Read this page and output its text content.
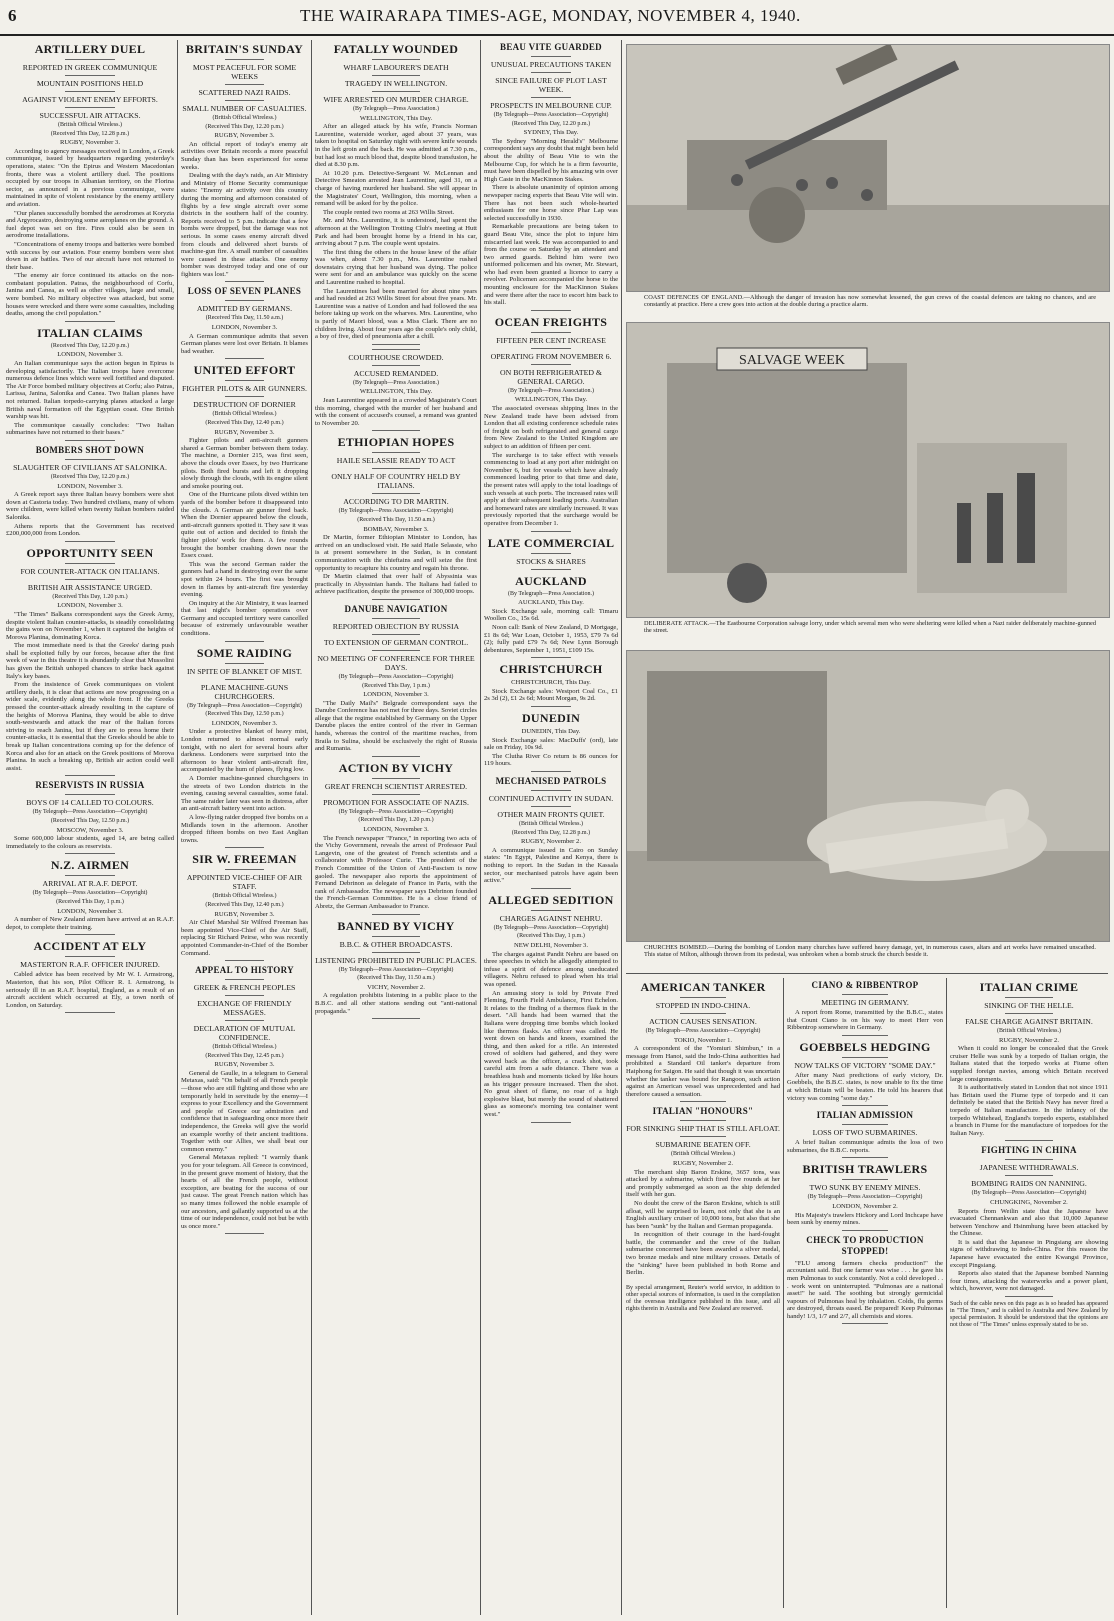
6	THE WAIRARAPA TIMES-AGE, MONDAY, NOVEMBER 4, 1940.
ARTILLERY DUEL
REPORTED IN GREEK COMMUNIQUE
MOUNTAIN POSITIONS HELD
AGAINST VIOLENT ENEMY EFFORTS.
SUCCESSFUL AIR ATTACKS.
(British Official Wireless.)
(Received This Day, 12.28 p.m.)
RUGBY, November 3.

According to agency messages received in London, a Greek communique, issued by headquarters regarding yesterday's operations, states: "On the Epirus and Western Macedonian fronts, there was a violent artillery duel. The positions occupied by our troops in Albanian territory, on the Florina sector, as announced in a previous communique, were maintained in spite of violent resistance by the enemy artillery and aviation.

"Our planes successfully bombed the aerodromes at Koryzta and Argyrocastro, destroying some aeroplanes on the ground. A fuel depot was set on fire. Fires could also be seen in aerodrome installations.

"Concentrations of enemy troops and batteries were bombed with success by our aviation. Four enemy bombers were shot down in air battles. Two of our aircraft have not returned to their base.

"The enemy air force continued its attacks on the non-combatant population. Patras, the neighbourhood of Corfu, Janina and Canea, as well as other villages, large and small, were bombed. No military objective was attacked, but some houses were wrecked and there were some casualties, including deaths, among the civil population."

ITALIAN CLAIMS
(Received This Day, 12.20 p.m.)
LONDON, November 3.

An Italian communique says the action begun in Epirus is developing satisfactorily. The Italian troops have overcome numerous defence lines which were well fortified and disputed. The Air Force bombed military objectives at Corfu; also Patras, Larissa, Janina, Salonika and Canea. Two Italian planes have not returned. Italian torpedo-carrying planes attacked a large British naval formation off the Egyptian coast. One British warship was hit.

The communique casually concludes: "Two Italian submarines have not returned to their bases."

BOMBERS SHOT DOWN
SLAUGHTER OF CIVILIANS AT SALONIKA.
(Received This Day, 12.20 p.m.)
LONDON, November 3.

A Greek report says three Italian heavy bombers were shot down at Castoria today. Two hundred civilians, many of whom were children, were killed when twenty Italian bombers raided Salonika.

Athens reports that the Government has received £200,000,000 from London.

OPPORTUNITY SEEN
FOR COUNTER-ATTACK ON ITALIANS.
BRITISH AIR ASSISTANCE URGED.
(Received This Day, 1.20 p.m.)
LONDON, November 3.

"The Times" Balkans correspondent says the Greek Army, despite violent Italian counter-attacks, is steadily consolidating the gains won on November 1, when it captured the heights of Morova Planina, dominating Korca.

The most immediate need is that the Greeks' daring push shall be exploited fully by our forces, because after the first week of war in this theatre it is abundantly clear that Mussolini has given the British unhoped chances to strike back against Italy's key bases.

From the insistence of Greek communiques on violent artillery duels, it is clear that actions are now progressing on a wider scale, evidently along the whole front. If the Greeks pressed the counter-attack already resulting in the capture of the heights of Morova Planina, they would be able to drive south-westwards and attack the rear of the Italian forces striving to reach Janina, but if they are to press home their counter-attacks, it is essential that the Greeks should be able to break up Italian concentrations coming up for the defence of Korca and also for an attack on the Greek positions of Morova Planina. In such a breaking up, British air action could well assist.

RESERVISTS IN RUSSIA
BOYS OF 14 CALLED TO COLOURS.
(By Telegraph—Press Association—Copyright)
(Received This Day, 12.50 p.m.)
MOSCOW, November 3.

Some 600,000 labour students, aged 14, are being called immediately to the colours as reservists.

N.Z. AIRMEN
ARRIVAL AT R.A.F. DEPOT.
(By Telegraph—Press Association—Copyright)
(Received This Day, 1 p.m.)
LONDON, November 3.

A number of New Zealand airmen have arrived at an R.A.F. depot, to complete their training.

ACCIDENT AT ELY
MASTERTON R.A.F. OFFICER INJURED.

Cabled advice has been received by Mr W. I. Armstrong, Masterton, that his son, Pilot Officer R. I. Armstrong, is seriously ill in an R.A.F. hospital, England, as a result of an aircraft accident which occurred at Ely, a town north of London, on Saturday.

BRITAIN'S SUNDAY
MOST PEACEFUL FOR SOME WEEKS
SCATTERED NAZI RAIDS.
SMALL NUMBER OF CASUALTIES.
(British Official Wireless.)
(Received This Day, 12.20 p.m.)
RUGBY, November 3.

An official report of today's enemy air activities over Britain records a more peaceful Sunday than has been experienced for some weeks.

Dealing with the day's raids, an Air Ministry and Ministry of Home Security communique states: "Enemy air activity over this country during the morning and afternoon consisted of flights by a few single aircraft over some districts in the southern half of the country. Reports received to 5 p.m. indicate that a few bombs were dropped, but the damage was not serious. In some cases enemy aircraft dived from clouds and delivered short bursts of machine-gun fire. A small number of casualties were caused in these attacks. One enemy bomber was destroyed today and one of our fighters was lost."

LOSS OF SEVEN PLANES
ADMITTED BY GERMANS.
(Received This Day, 11.50 a.m.)
LONDON, November 3.

A German communique admits that seven German planes were lost over Britain. It blames bad weather.

UNITED EFFORT
FIGHTER PILOTS & AIR GUNNERS.
DESTRUCTION OF DORNIER
(British Official Wireless.)
(Received This Day, 12.40 p.m.)
RUGBY, November 3.

Fighter pilots and anti-aircraft gunners shared a German bomber between them today. The machine, a Dornier 215, was first seen, above the clouds over Essex, by two Hurricane pilots. Both fired bursts and left it dropping slowly through the clouds, with its engine silent and smoke pouring out.

One of the Hurricane pilots dived within ten yards of the bomber before it disappeared into the clouds. A German air gunner fired back. When the Dornier appeared below the clouds, anti-aircraft gunners spotted it. They saw it was quite out of action and decided to finish the fighter pilots' work for them. A few rounds brought the bomber crashing down near the Essex coast.

This was the second German raider the gunners had a hand in destroying over the same spot within 24 hours. The first was brought down in flames by anti-aircraft fire yesterday evening.

On inquiry at the Air Ministry, it was learned that last night's bomber operations over Germany and occupied territory were cancelled because of extremely unfavourable weather conditions.

SOME RAIDING
IN SPITE OF BLANKET OF MIST.
PLANE MACHINE-GUNS CHURCHGOERS.
(By Telegraph—Press Association—Copyright)
(Received This Day, 12.50 p.m.)
LONDON, November 3.

Under a protective blanket of heavy mist, London returned to almost normal early tonight, with no alert for several hours after darkness. Londoners were surprised into the afternoon to hear violent anti-aircraft fire, accompanied by the hum of planes, flying low.

A Dornier machine-gunned churchgoers in the streets of two London districts in the evening, causing several casualties, some fatal. The same raider later was seen in distress, after an anti-aircraft battery went into action.

A low-flying raider dropped five bombs on a Midlands town in the afternoon. Another dropped fifteen bombs on two East Anglian towns.

SIR W. FREEMAN
APPOINTED VICE-CHIEF OF AIR STAFF.
(British Official Wireless.)
(Received This Day, 12.40 p.m.)
RUGBY, November 3.

Air Chief Marshal Sir Wilfred Freeman has been appointed Vice-Chief of the Air Staff, replacing Sir Richard Peirse, who was recently appointed Commander-in-Chief of the Bomber Command.

APPEAL TO HISTORY
GREEK & FRENCH PEOPLES
EXCHANGE OF FRIENDLY MESSAGES.
DECLARATION OF MUTUAL CONFIDENCE.
(British Official Wireless.)
(Received This Day, 12.45 p.m.)
RUGBY, November 3.

General de Gaulle, in a telegram to General Metaxas, said: "On behalf of all French people—those who are still fighting and those who are temporarily held in servitude by the enemy—I express to your Excellency and the Government and people of Greece our admiration and confidence that in safeguarding once more their independence, the Greeks will give the world an example worthy of their ancient traditions. Together with our Allies, we shall beat our common enemy."

General Metaxas replied: "I warmly thank you for your telegram. All Greece is convinced, in the present grave moment of history, that the hearts of all the French people, without exception, are beating for the success of our just cause. The great French nation which has so many times followed the noble example of our ancestors, and gallantly supported us at the time of our independence, could not but be with us once more."

FATALLY WOUNDED
WHARF LABOURER'S DEATH
TRAGEDY IN WELLINGTON.
WIFE ARRESTED ON MURDER CHARGE.
(By Telegraph—Press Association.)
WELLINGTON, This Day.

After an alleged attack by his wife, Francis Norman Laurentine, waterside worker, aged about 37 years, was taken to hospital on Saturday night with severe knife wounds in the left groin and the back. He was admitted at 7.30 p.m., but had lost so much blood that, despite blood transfusion, he died at 8.30 p.m.

At 10.20 p.m. Detective-Sergeant W. McLennan and Detective Smeaton arrested Jean Laurentine, aged 31, on a charge of having murdered her husband. She will appear in the Magistrates' Court, Wellington, this morning, when a remand will be asked for by the police.

The couple rented two rooms at 263 Willis Street.

Mr. and Mrs. Laurentine, it is understood, had spent the afternoon at the Wellington Trotting Club's meeting at Hutt Park and had been brought home by a friend in his car, arriving about 7 p.m. The couple went upstairs.

The first thing the others in the house knew of the affair was when, about 7.30 p.m., Mrs. Laurentine rushed downstairs crying that her husband was dying. The police were sent for and an ambulance was quickly on the scene and Laurentine rushed to hospital.

The Laurentines had been married for about nine years and had resided at 263 Willis Street for about five years. Mr. Laurentine was a native of London and had followed the sea before taking up work on the wharves. Mrs. Laurentine, who is partly of Maori blood, was a Miss Clark. There are no children living. About four years ago the couple's only child, a boy of five, died of pneumonia after a chill.

COURTHOUSE CROWDED.
ACCUSED REMANDED.
(By Telegraph—Press Association.)
WELLINGTON, This Day.

Jean Laurentine appeared in a crowded Magistrate's Court this morning, charged with the murder of her husband and with the consent of accused's counsel, a remand was granted to November 20.

ETHIOPIAN HOPES
HAILE SELASSIE READY TO ACT
ONLY HALF OF COUNTRY HELD BY ITALIANS.
ACCORDING TO DR MARTIN.
(By Telegraph—Press Association—Copyright)
(Received This Day, 11.50 a.m.)
BOMBAY, November 3.

Dr Martin, former Ethiopian Minister to London, has arrived on an undisclosed visit. He said Haile Selassie, who is at present somewhere in the Sudan, is in constant communication with the chieftains and will seize the first opportunity to recapture his country and regain his throne.

Dr Martin claimed that over half of Abyssinia was practically in Abyssinian hands. The Italians had failed to achieve pacification, despite the presence of 300,000 troops.

DANUBE NAVIGATION
REPORTED OBJECTION BY RUSSIA
TO EXTENSION OF GERMAN CONTROL.
NO MEETING OF CONFERENCE FOR THREE DAYS.
(By Telegraph—Press Association—Copyright)
(Received This Day, 1 p.m.)
LONDON, November 3.

"The Daily Mail's" Belgrade correspondent says the Danube Conference has not met for three days. Soviet circles allege that the regime established by Germany on the Upper Danube places the entire control of the river in German hands, whereas the control of the maritime reaches, from Braila to Sulina, should be exclusively the right of Russia and Rumania.

ACTION BY VICHY
GREAT FRENCH SCIENTIST ARRESTED.
PROMOTION FOR ASSOCIATE OF NAZIS.
(By Telegraph—Press Association—Copyright)
(Received This Day, 1.20 p.m.)
LONDON, November 3.

The French newspaper "France," in reporting two acts of the Vichy Government, reveals the arrest of Professor Paul Langevin, one of the greatest of French scientists and a collaborator with Professor Curie. The president of the French Committee of the Union of Anti-Fascism is now gaoled. The newspaper also reports the appointment of Fernand Debrinon as delegate of France in Paris, with the rank of Ambassador. The newspaper says Debrinon founded the French-German Committee. He is a close friend of Abretz, the German Ambassador to France.

BANNED BY VICHY
B.B.C. & OTHER BROADCASTS.
LISTENING PROHIBITED IN PUBLIC PLACES.
(By Telegraph—Press Association—Copyright)
(Received This Day, 11.50 a.m.)
VICHY, November 2.

A regulation prohibits listening in a public place to the B.B.C. and all other stations sending out "anti-national propaganda."

BEAU VITE GUARDED
UNUSUAL PRECAUTIONS TAKEN
SINCE FAILURE OF PLOT LAST WEEK.
PROSPECTS IN MELBOURNE CUP.
(By Telegraph—Press Association—Copyright)
(Received This Day, 12.20 p.m.)
SYDNEY, This Day.

The Sydney "Morning Herald's" Melbourne correspondent says any doubt that might been held about the ability of Beau Vite to win the Melbourne Cup, for which he is a firm favourite, must have been dispelled by his amazing win over High Caste in the MacKinnon Stakes.

There is absolute unanimity of opinion among newspaper racing experts that Beau Vite will win. There has not been such whole-hearted enthusiasm for one horse since Phar Lap was selected successfully in 1930.

Remarkable precautions are being taken to guard Beau Vite, since the plot to injure him miscarried last week. He was accompanied to and from the course on Saturday by an attendant and two armed guards. Behind him were two uniformed policemen and his owner, Mr. Stewart, who had even been granted a licence to carry a revolver. Policemen accompanied the horse to the mounting enclosure for the MacKinnon Stakes and were there after the race to escort him back to his stall.

OCEAN FREIGHTS
FIFTEEN PER CENT INCREASE
OPERATING FROM NOVEMBER 6.
ON BOTH REFRIGERATED & GENERAL CARGO.
(By Telegraph—Press Association.)
WELLINGTON, This Day.

The associated overseas shipping lines in the New Zealand trade have been advised from London that all existing conference schedule rates of freight on both refrigerated and general cargo from New Zealand to the United Kingdom are subject to an addition of fifteen per cent.

The surcharge is to take effect with vessels commencing to load at any port after midnight on November 6, but for vessels which have already commenced loading prior to that time and date, the present rates will apply to the total loadings of such vessels at such ports. The increased rates will apply at their subsequent loading ports. Australian and homeward rates are similarly increased. It was previously reported that the surcharge would be operative from December 1.

LATE COMMERCIAL
STOCKS & SHARES
AUCKLAND
(By Telegraph—Press Association.)
AUCKLAND, This Day.

Stock Exchange sale, morning call: Timaru Woollen Co., 15s 6d.

Noon call: Bank of New Zealand, D Mortgage, £1 8s 6d; War Loan, October 1, 1953, £79 7s 6d (2); fully paid £79 7s 6d; New Lynn Borough debentures, September 1, 1951, £109 15s.

CHRISTCHURCH
CHRISTCHURCH, This Day.

Stock Exchange sales: Westport Coal Co., £1 2s 3d (2), £1 2s 6d; Mount Morgan, 9s 2d.

DUNEDIN
DUNEDIN, This Day.

Stock Exchange sales: MacDuffs' (ord), late sale on Friday, 10s 9d.

The Clutha River Co return is 86 ounces for 119 hours.

MECHANISED PATROLS
CONTINUED ACTIVITY IN SUDAN.
OTHER MAIN FRONTS QUIET.
(British Official Wireless.)
(Received This Day, 12.28 p.m.)
RUGBY, November 2.

A communique issued in Cairo on Sunday states: "In Egypt, Palestine and Kenya, there is nothing to report. In the Sudan in the Kassala sector, our mechanised patrols have again been active."

ALLEGED SEDITION
CHARGES AGAINST NEHRU.
(By Telegraph—Press Association—Copyright)
(Received This Day, 1 p.m.)
NEW DELHI, November 3.

The charges against Pandit Nehru are based on three speeches in which he allegedly attempted to infuse a spirit of defence among uneducated villagers. Nehru refused to plead when his trial was opened.

An amusing story is told by Private Fred Fleming, Fourth Field Ambulance, First Echelon. It relates to the finding of a thermos flask in the desert. "All hands had been warned that the Italians were dropping time bombs which looked like thermos flasks. An officer was called. He went down on hands and knees, examined the thing, and then asked for a rifle. An interested crowd of soldiers had gathered, and they were waved back as the officer, a crack shot, took careful aim from a safe distance. There was a breathless hush and moments ticked by like hours as his trigger pressure increased. Then the shot. No great sheet of flame, no roar of a high explosive blast, but merely the sound of shattered glass as someone's morning tea container went west."

COAST DEFENCES OF ENGLAND.—Although the danger of invasion has now somewhat lessened, the gun crews of the coastal defences are taking no chances, and are constantly at practice. Here a crew goes into action at the double during a practice alarm.
SALVAGE WEEK
DELIBERATE ATTACK.—The Eastbourne Corporation salvage lorry, under which several men who were sheltering were killed when a Nazi raider deliberately machine-gunned the street.
CHURCHES BOMBED.—During the bombing of London many churches have suffered heavy damage, yet, in numerous cases, altars and art works have remained unscathed. This statue of Milton, although thrown from its pedestal, was unbroken when a bomb struck the church beside it.
AMERICAN TANKER
STOPPED IN INDO-CHINA.
ACTION CAUSES SENSATION.
(By Telegraph—Press Association—Copyright)
TOKIO, November 1.

A correspondent of the "Yomiuri Shimbun," in a message from Hanoi, said the Indo-China authorities had prohibited a Standard Oil tanker's departure from Haiphong for Saigon. He said that though it was uncertain whether the tanker was bound for Rangoon, such action against an American vessel was unprecedented and had therefore caused a sensation.

ITALIAN "HONOURS"
FOR SINKING SHIP THAT IS STILL AFLOAT.
SUBMARINE BEATEN OFF.
(British Official Wireless.)
RUGBY, November 2.

The merchant ship Baron Erskine, 3657 tons, was attacked by a submarine, which fired five rounds at her and promptly submerged as soon as the ship defended itself with her gun.

No doubt the crew of the Baron Erskine, which is still afloat, will be surprised to learn, not only that she is an English auxiliary cruiser of 10,000 tons, but also that she has been "sunk" by the Italian and German propaganda.

In recognition of their courage in the hard-fought battle, the commander and the crew of the Italian submarine concerned have been awarded a silver medal, two bronze medals and nine military crosses. Details of the "sinking" have been published in both Rome and Berlin.

By special arrangement, Reuter's world service, in addition to other special sources of information, is used in the compilation of the overseas intelligence published in this issue, and all rights therein in Australia and New Zealand are reserved.
CIANO & RIBBENTROP
MEETING IN GERMANY.

A report from Rome, transmitted by the B.B.C., states that Count Ciano is on his way to meet Herr von Ribbentrop somewhere in Germany.

GOEBBELS HEDGING
NOW TALKS OF VICTORY "SOME DAY."

After many Nazi predictions of early victory, Dr. Goebbels, the B.B.C. states, is now unable to fix the time at which Britain will be beaten. He told his hearers that victory was coming "some day."

ITALIAN ADMISSION
LOSS OF TWO SUBMARINES.

A brief Italian communique admits the loss of two submarines, the B.B.C. reports.

BRITISH TRAWLERS
TWO SUNK BY ENEMY MINES.
(By Telegraph—Press Association—Copyright)
LONDON, November 2.

His Majesty's trawlers Hickory and Lord Inchcape have been sunk by enemy mines.

CHECK TO PRODUCTION STOPPED!

"FLU among farmers checks production!" the accountant said. But one farmer was wise . . . he gave his men Pulmonas to suck constantly. Not a cold developed . . . work went on uninterrupted. "Pulmonas are a national asset!" he said. The soothing but strongly germicidal vapours of Pulmonas heal by inhalation. Colds, flu germs are destroyed, throats eased. Be prepared! Keep Pulmonas handy! 1/3, 1/7 and 2/7, all chemists and stores.

ITALIAN CRIME
SINKING OF THE HELLE.
FALSE CHARGE AGAINST BRITAIN.
(British Official Wireless.)
RUGBY, November 2.

When it could no longer be concealed that the Greek cruiser Helle was sunk by a torpedo of Italian origin, the Italians stated that the torpedo works at Fiume often supplied foreign navies, among which Britain received large consignments.

It is authoritatively stated in London that not since 1911 has Britain used the Fiume type of torpedo and it can definitely be stated that the British Navy has never fired a torpedo of Italian manufacture. In the infancy of the torpedo Whitehead, England's torpedo experts, established a branch in Fiume for the manufacture of torpedoes for the Italian Navy.

FIGHTING IN CHINA
JAPANESE WITHDRAWALS.
BOMBING RAIDS ON NANNING.
(By Telegraph—Press Association—Copyright)
CHUNGKING, November 2.

Reports from Weilin state that the Japanese have evacuated Chennankwan and also that 10,000 Japanese between Yenchow and Hsinmhung have been attacked by the Chinese.

It is said that the Japanese in Pingsiang are showing signs of withdrawing to Indo-China. For this reason the Japanese have evacuated the entire Kwangsi Province, except Pingsiang.

Reports also stated that the Japanese bombed Nanning four times, attacking the waterworks and a power plant, which, however, were not damaged.

Such of the cable news on this page as is so headed has appeared in "The Times," and is cabled to Australia and New Zealand by special permission. It should be understood that the opinions are not those of "The Times" unless expressly stated to be so.
